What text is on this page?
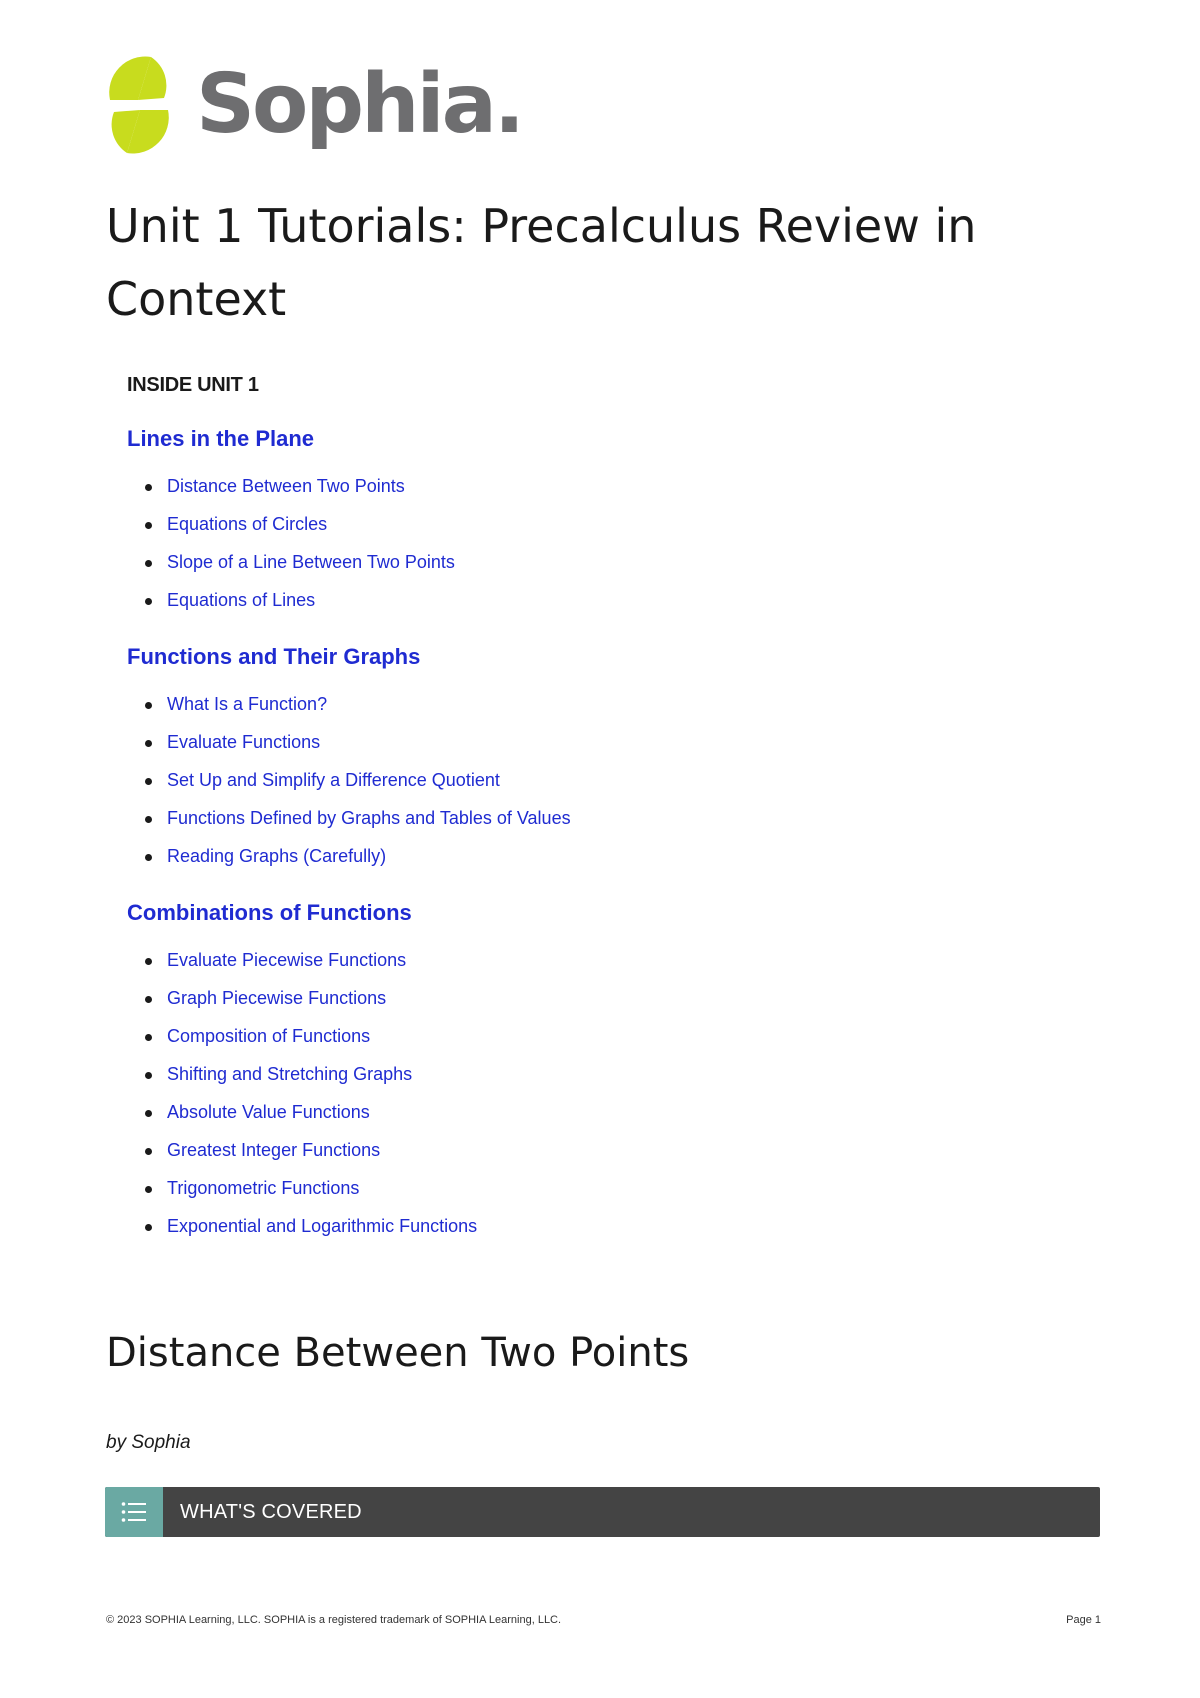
Sophia.
Unit 1 Tutorials: Precalculus Review in Context
INSIDE UNIT 1
Lines in the Plane
Distance Between Two Points
Equations of Circles
Slope of a Line Between Two Points
Equations of Lines
Functions and Their Graphs
What Is a Function?
Evaluate Functions
Set Up and Simplify a Difference Quotient
Functions Defined by Graphs and Tables of Values
Reading Graphs (Carefully)
Combinations of Functions
Evaluate Piecewise Functions
Graph Piecewise Functions
Composition of Functions
Shifting and Stretching Graphs
Absolute Value Functions
Greatest Integer Functions
Trigonometric Functions
Exponential and Logarithmic Functions
Distance Between Two Points
by Sophia
WHAT'S COVERED
© 2023 SOPHIA Learning, LLC. SOPHIA is a registered trademark of SOPHIA Learning, LLC.	Page 1
